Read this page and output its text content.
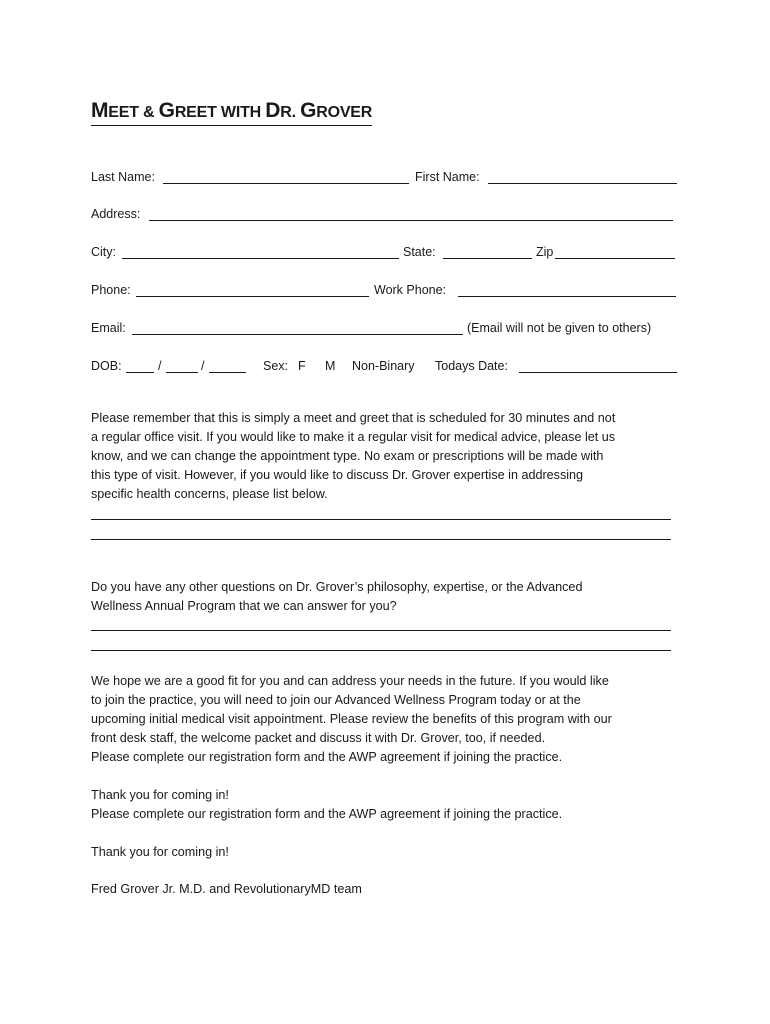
MEET & GREET WITH DR. GROVER
Last Name:	First Name:
Address:
City:	State:	Zip
Phone:	Work Phone:
Email:	(Email will not be given to others)
DOB:	/	/	Sex: F M Non-Binary Todays Date:

Please remember that this is simply a meet and greet that is scheduled for 30 minutes and not
a regular office visit. If you would like to make it a regular visit for medical advice, please let us
know, and we can change the appointment type. No exam or prescriptions will be made with
this type of visit. However, if you would like to discuss Dr. Grover expertise in addressing
specific health concerns, please list below.

Do you have any other questions on Dr. Grover’s philosophy, expertise, or the Advanced
Wellness Annual Program that we can answer for you?

We hope we are a good fit for you and can address your needs in the future. If you would like
to join the practice, you will need to join our Advanced Wellness Program today or at the
upcoming initial medical visit appointment. Please review the benefits of this program with our
front desk staff, the welcome packet and discuss it with Dr. Grover, too, if needed.
Please complete our registration form and the AWP agreement if joining the practice.

Thank you for coming in!
Please complete our registration form and the AWP agreement if joining the practice.

Thank you for coming in!

Fred Grover Jr. M.D. and RevolutionaryMD team
